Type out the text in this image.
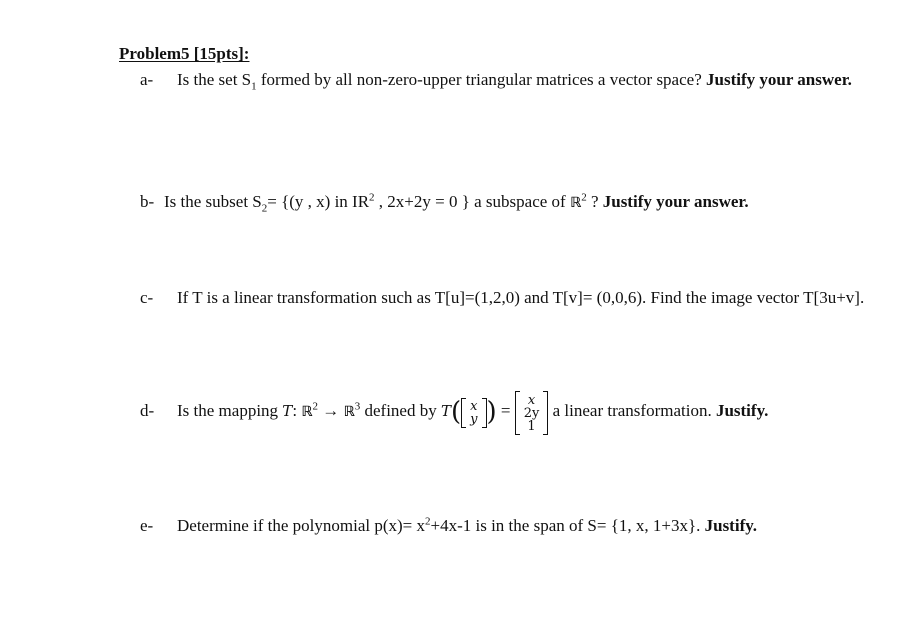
Problem5 [15pts]:
a- Is the set $S_1$ formed by all non-zero-upper triangular matrices a vector space? Justify your answer.
b- Is the subset $S_2= \{(y$ , x) in $IR^2$ , 2x+2y = 0 } a subspace of ℝ$^2$ ? Justify your answer.
c- If T is a linear transformation such as T[u]=(1,2,0) and T[v]= (0,0,6). Find the image vector T[3u+v].
d- Is the mapping T: ℝ$^2$ → ℝ$^3$ defined by T( x
y ) = x
2y
1 a linear transformation. Justify.
e- Determine if the polynomial $p(x)= x^2+4x-1$ is in the span of S= {1, x, 1+3x}. Justify.
